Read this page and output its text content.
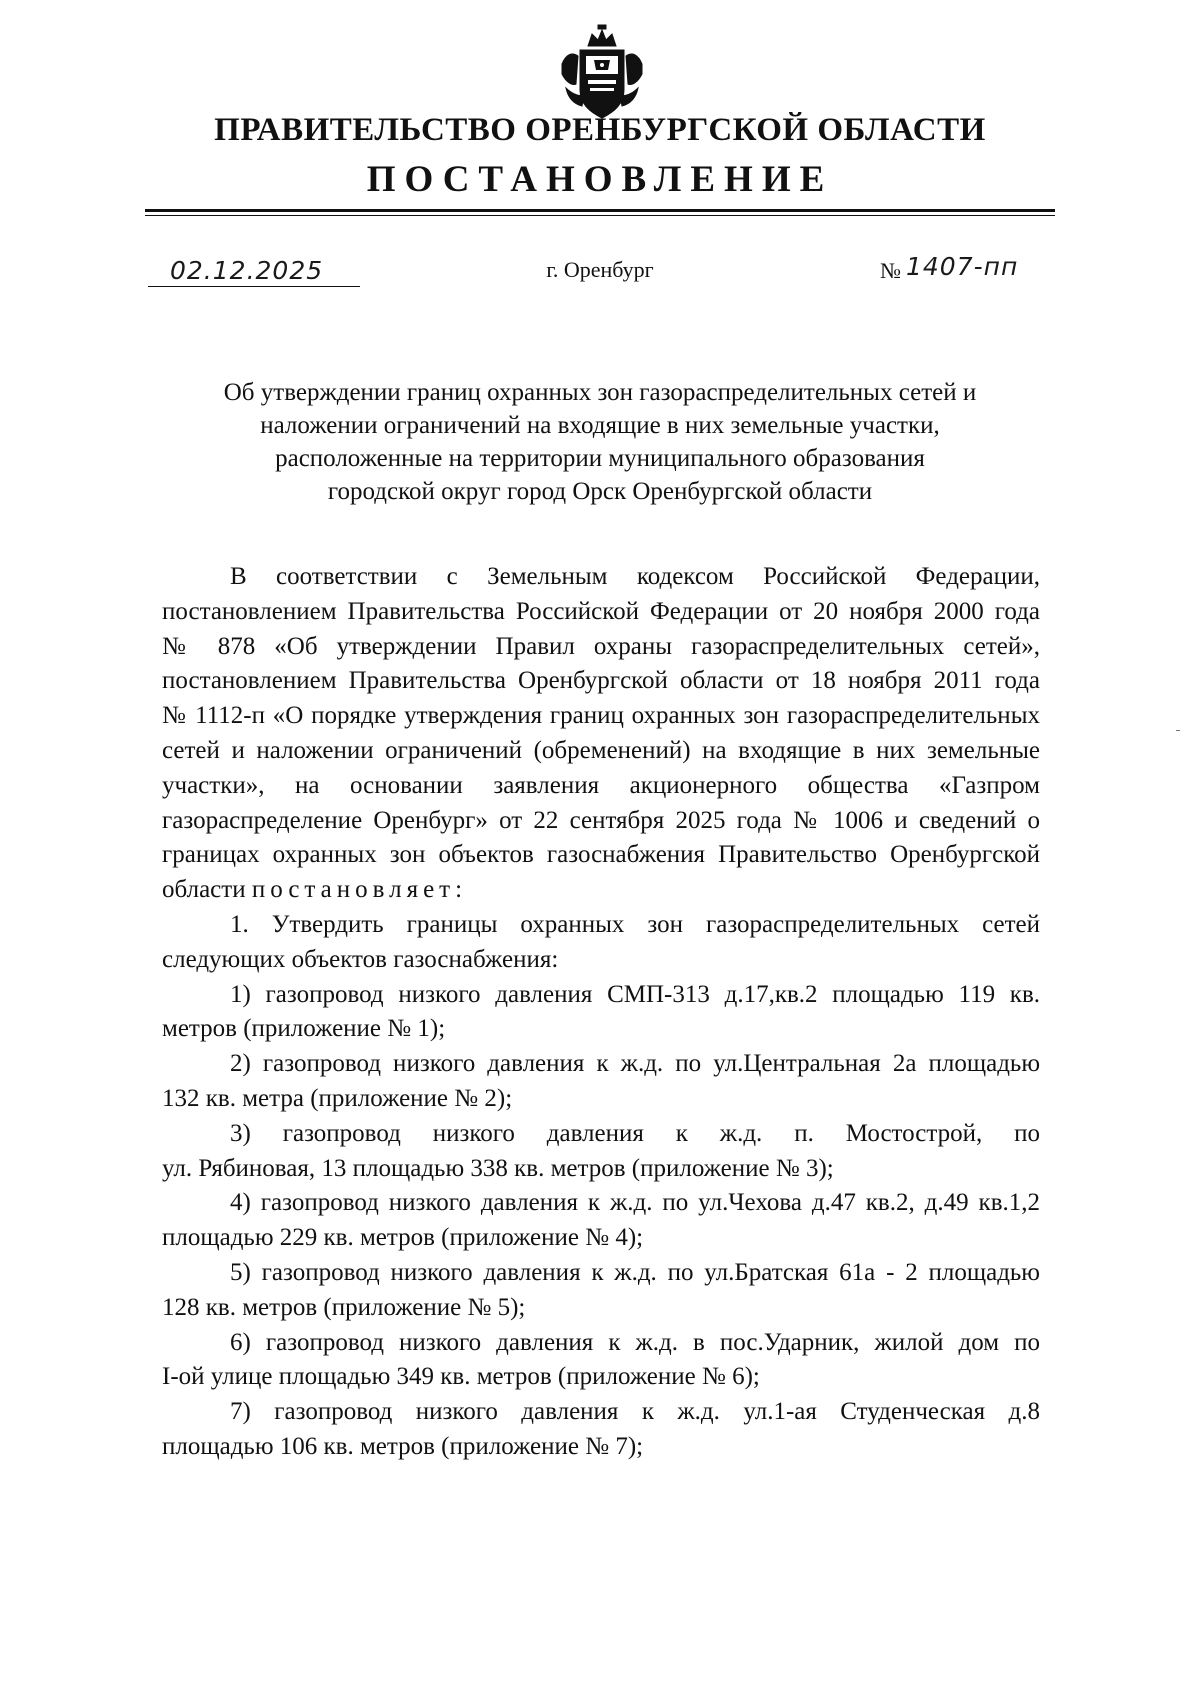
ПРАВИТЕЛЬСТВО ОРЕНБУРГСКОЙ ОБЛАСТИ
ПОСТАНОВЛЕНИЕ
02.12.2025	г. Оренбург	№ 1407-пп
Об утверждении границ охранных зон газораспределительных сетей и
наложении ограничений на входящие в них земельные участки,
расположенные на территории муниципального образования
городской округ город Орск Оренбургской области

В соответствии с Земельным кодексом Российской Федерации,

постановлением Правительства Российской Федерации от 20 ноября 2000 года

№ 878 «Об утверждении Правил охраны газораспределительных сетей»,

постановлением Правительства Оренбургской области от 18 ноября 2011 года

№ 1112-п «О порядке утверждения границ охранных зон газораспределительных

сетей и наложении ограничений (обременений) на входящие в них земельные

участки», на основании заявления акционерного общества «Газпром

газораспределение Оренбург» от 22 сентября 2025 года № 1006 и сведений о

границах охранных зон объектов газоснабжения Правительство Оренбургской

области постановляет:

1. Утвердить границы охранных зон газораспределительных сетей

следующих объектов газоснабжения:

1) газопровод низкого давления СМП-313 д.17,кв.2 площадью 119 кв.

метров (приложение № 1);

2) газопровод низкого давления к ж.д. по ул.Центральная 2а площадью

132 кв. метра (приложение № 2);

3) газопровод низкого давления к ж.д. п. Мостострой, по

ул. Рябиновая, 13 площадью 338 кв. метров (приложение № 3);

4) газопровод низкого давления к ж.д. по ул.Чехова д.47 кв.2, д.49 кв.1,2

площадью 229 кв. метров (приложение № 4);

5) газопровод низкого давления к ж.д. по ул.Братская 61а - 2 площадью

128 кв. метров (приложение № 5);

6) газопровод низкого давления к ж.д. в пос.Ударник, жилой дом по

I-ой улице площадью 349 кв. метров (приложение № 6);

7) газопровод низкого давления к ж.д. ул.1-ая Студенческая д.8

площадью 106 кв. метров (приложение № 7);
